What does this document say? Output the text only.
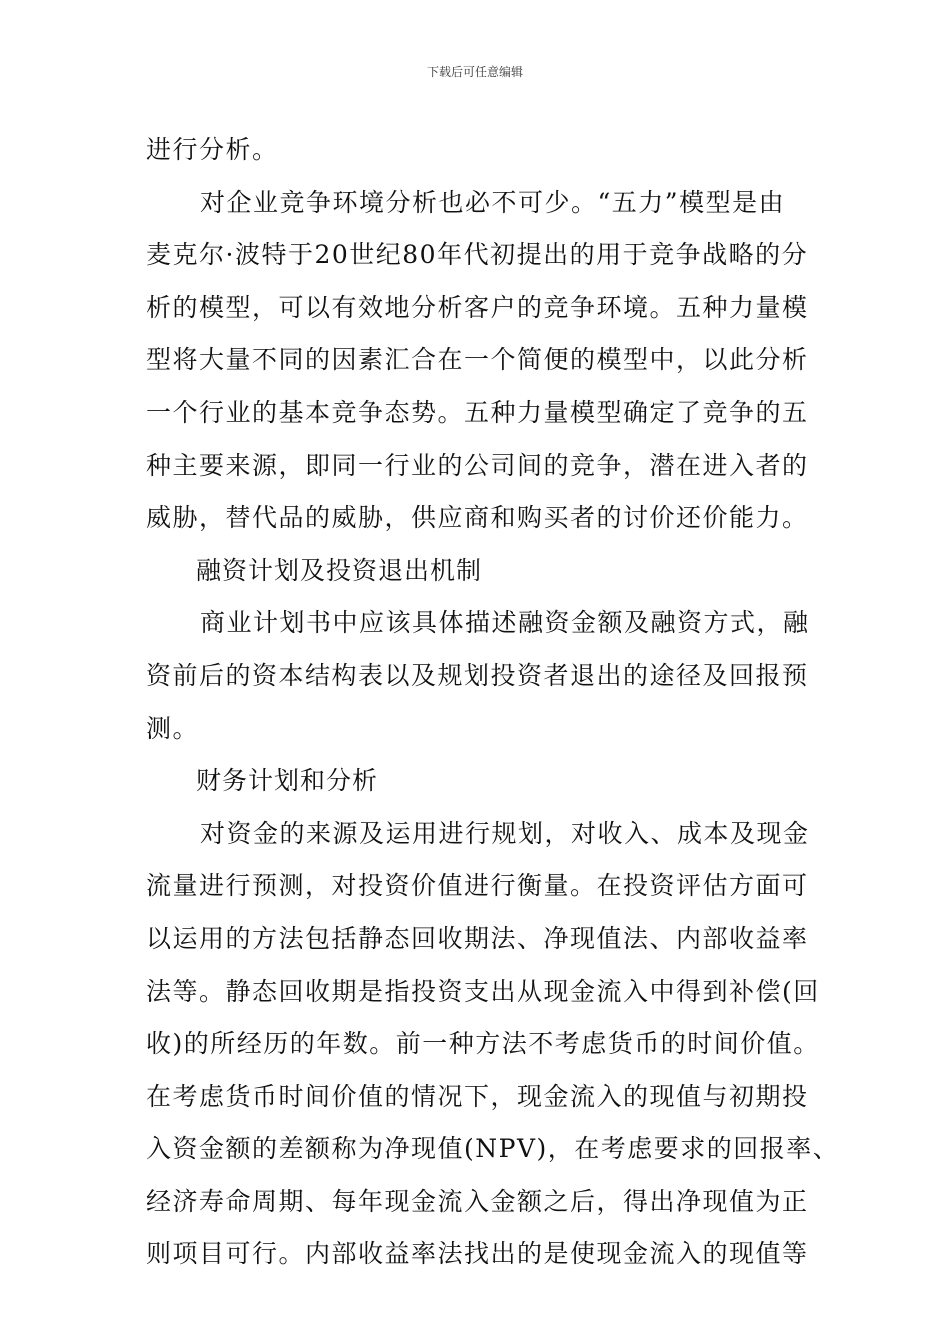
下载后可任意编辑
进行分析。
对企业竞争环境分析也必不可少。“五力”模型是由
麦克尔·波特于20世纪80年代初提出的用于竞争战略的分
析的模型，可以有效地分析客户的竞争环境。五种力量模
型将大量不同的因素汇合在一个简便的模型中，以此分析
一个行业的基本竞争态势。五种力量模型确定了竞争的五
种主要来源，即同一行业的公司间的竞争，潜在进入者的
威胁，替代品的威胁，供应商和购买者的讨价还价能力。
融资计划及投资退出机制
商业计划书中应该具体描述融资金额及融资方式，融
资前后的资本结构表以及规划投资者退出的途径及回报预
测。
财务计划和分析
对资金的来源及运用进行规划，对收入、成本及现金
流量进行预测，对投资价值进行衡量。在投资评估方面可
以运用的方法包括静态回收期法、净现值法、内部收益率
法等。静态回收期是指投资支出从现金流入中得到补偿(回
收)的所经历的年数。前一种方法不考虑货币的时间价值。
在考虑货币时间价值的情况下，现金流入的现值与初期投
入资金额的差额称为净现值(NPV)，在考虑要求的回报率、
经济寿命周期、每年现金流入金额之后，得出净现值为正
则项目可行。内部收益率法找出的是使现金流入的现值等
